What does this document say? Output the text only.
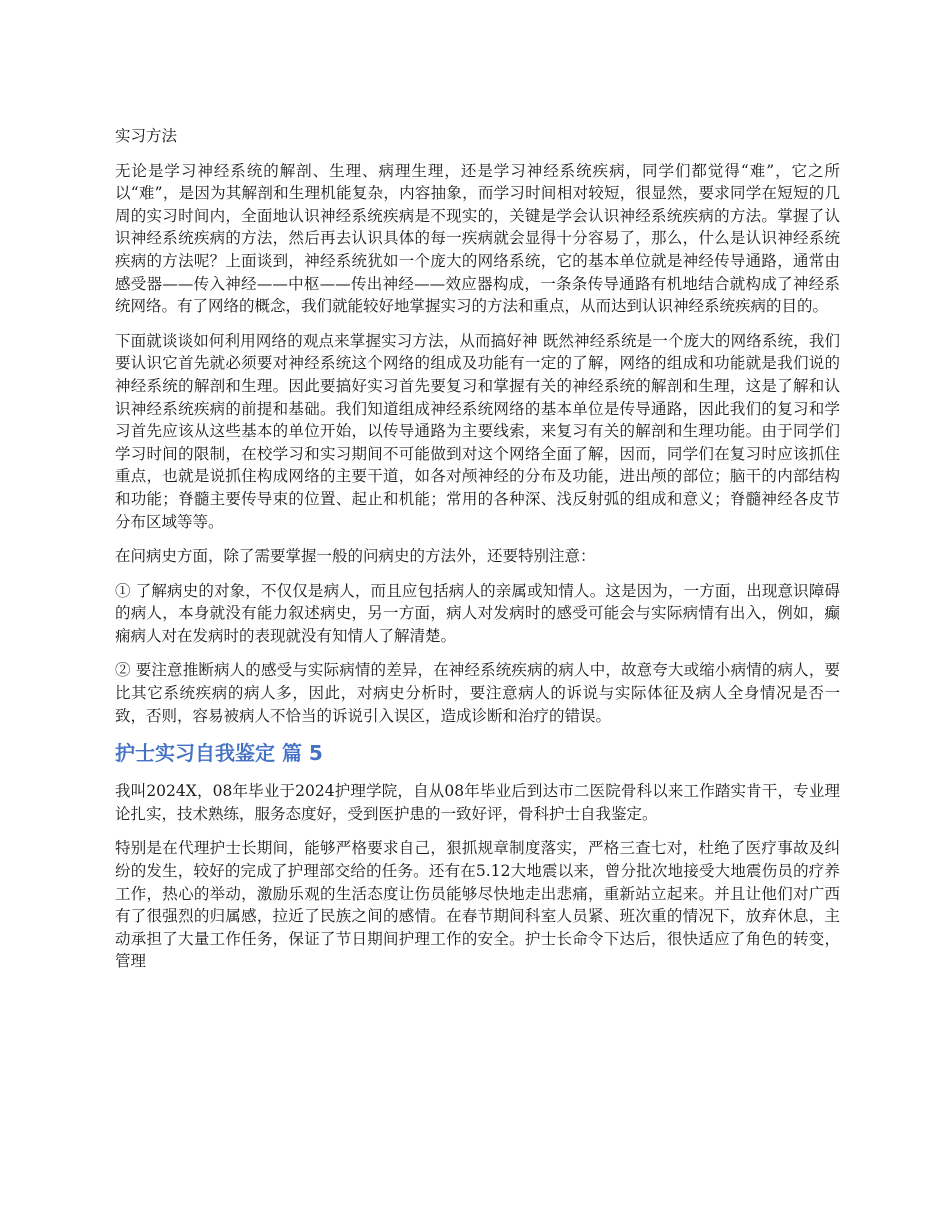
实习方法

无论是学习神经系统的解剖、生理、病理生理，还是学习神经系统疾病，同学们都觉得“难”，它之所以“难”，是因为其解剖和生理机能复杂，内容抽象，而学习时间相对较短，很显然，要求同学在短短的几周的实习时间内，全面地认识神经系统疾病是不现实的，关键是学会认识神经系统疾病的方法。掌握了认识神经系统疾病的方法，然后再去认识具体的每一疾病就会显得十分容易了，那么，什么是认识神经系统疾病的方法呢？上面谈到，神经系统犹如一个庞大的网络系统，它的基本单位就是神经传导通路，通常由感受器——传入神经——中枢——传出神经——效应器构成，一条条传导通路有机地结合就构成了神经系统网络。有了网络的概念，我们就能较好地掌握实习的方法和重点，从而达到认识神经系统疾病的目的。

下面就谈谈如何利用网络的观点来掌握实习方法，从而搞好神 既然神经系统是一个庞大的网络系统，我们要认识它首先就必须要对神经系统这个网络的组成及功能有一定的了解，网络的组成和功能就是我们说的神经系统的解剖和生理。因此要搞好实习首先要复习和掌握有关的神经系统的解剖和生理，这是了解和认识神经系统疾病的前提和基础。我们知道组成神经系统网络的基本单位是传导通路，因此我们的复习和学习首先应该从这些基本的单位开始，以传导通路为主要线索，来复习有关的解剖和生理功能。由于同学们学习时间的限制，在校学习和实习期间不可能做到对这个网络全面了解，因而，同学们在复习时应该抓住重点，也就是说抓住构成网络的主要干道，如各对颅神经的分布及功能，进出颅的部位；脑干的内部结构和功能；脊髓主要传导束的位置、起止和机能；常用的各种深、浅反射弧的组成和意义；脊髓神经各皮节分布区域等等。

在问病史方面，除了需要掌握一般的问病史的方法外，还要特别注意：

① 了解病史的对象，不仅仅是病人，而且应包括病人的亲属或知情人。这是因为，一方面，出现意识障碍的病人，本身就没有能力叙述病史，另一方面，病人对发病时的感受可能会与实际病情有出入，例如，癫痫病人对在发病时的表现就没有知情人了解清楚。

② 要注意推断病人的感受与实际病情的差异，在神经系统疾病的病人中，故意夸大或缩小病情的病人，要比其它系统疾病的病人多，因此，对病史分析时，要注意病人的诉说与实际体征及病人全身情况是否一致，否则，容易被病人不恰当的诉说引入误区，造成诊断和治疗的错误。

护士实习自我鉴定 篇 5

我叫2024X，08年毕业于2024护理学院，自从08年毕业后到达市二医院骨科以来工作踏实肯干，专业理论扎实，技术熟练，服务态度好，受到医护患的一致好评，骨科护士自我鉴定。

特别是在代理护士长期间，能够严格要求自己，狠抓规章制度落实，严格三查七对，杜绝了医疗事故及纠纷的发生，较好的完成了护理部交给的任务。还有在5.12大地震以来，曾分批次地接受大地震伤员的疗养工作，热心的举动，激励乐观的生活态度让伤员能够尽快地走出悲痛，重新站立起来。并且让他们对广西有了很强烈的归属感，拉近了民族之间的感情。在春节期间科室人员紧、班次重的情况下，放弃休息，主动承担了大量工作任务，保证了节日期间护理工作的安全。护士长命令下达后，很快适应了角色的转变，管理
